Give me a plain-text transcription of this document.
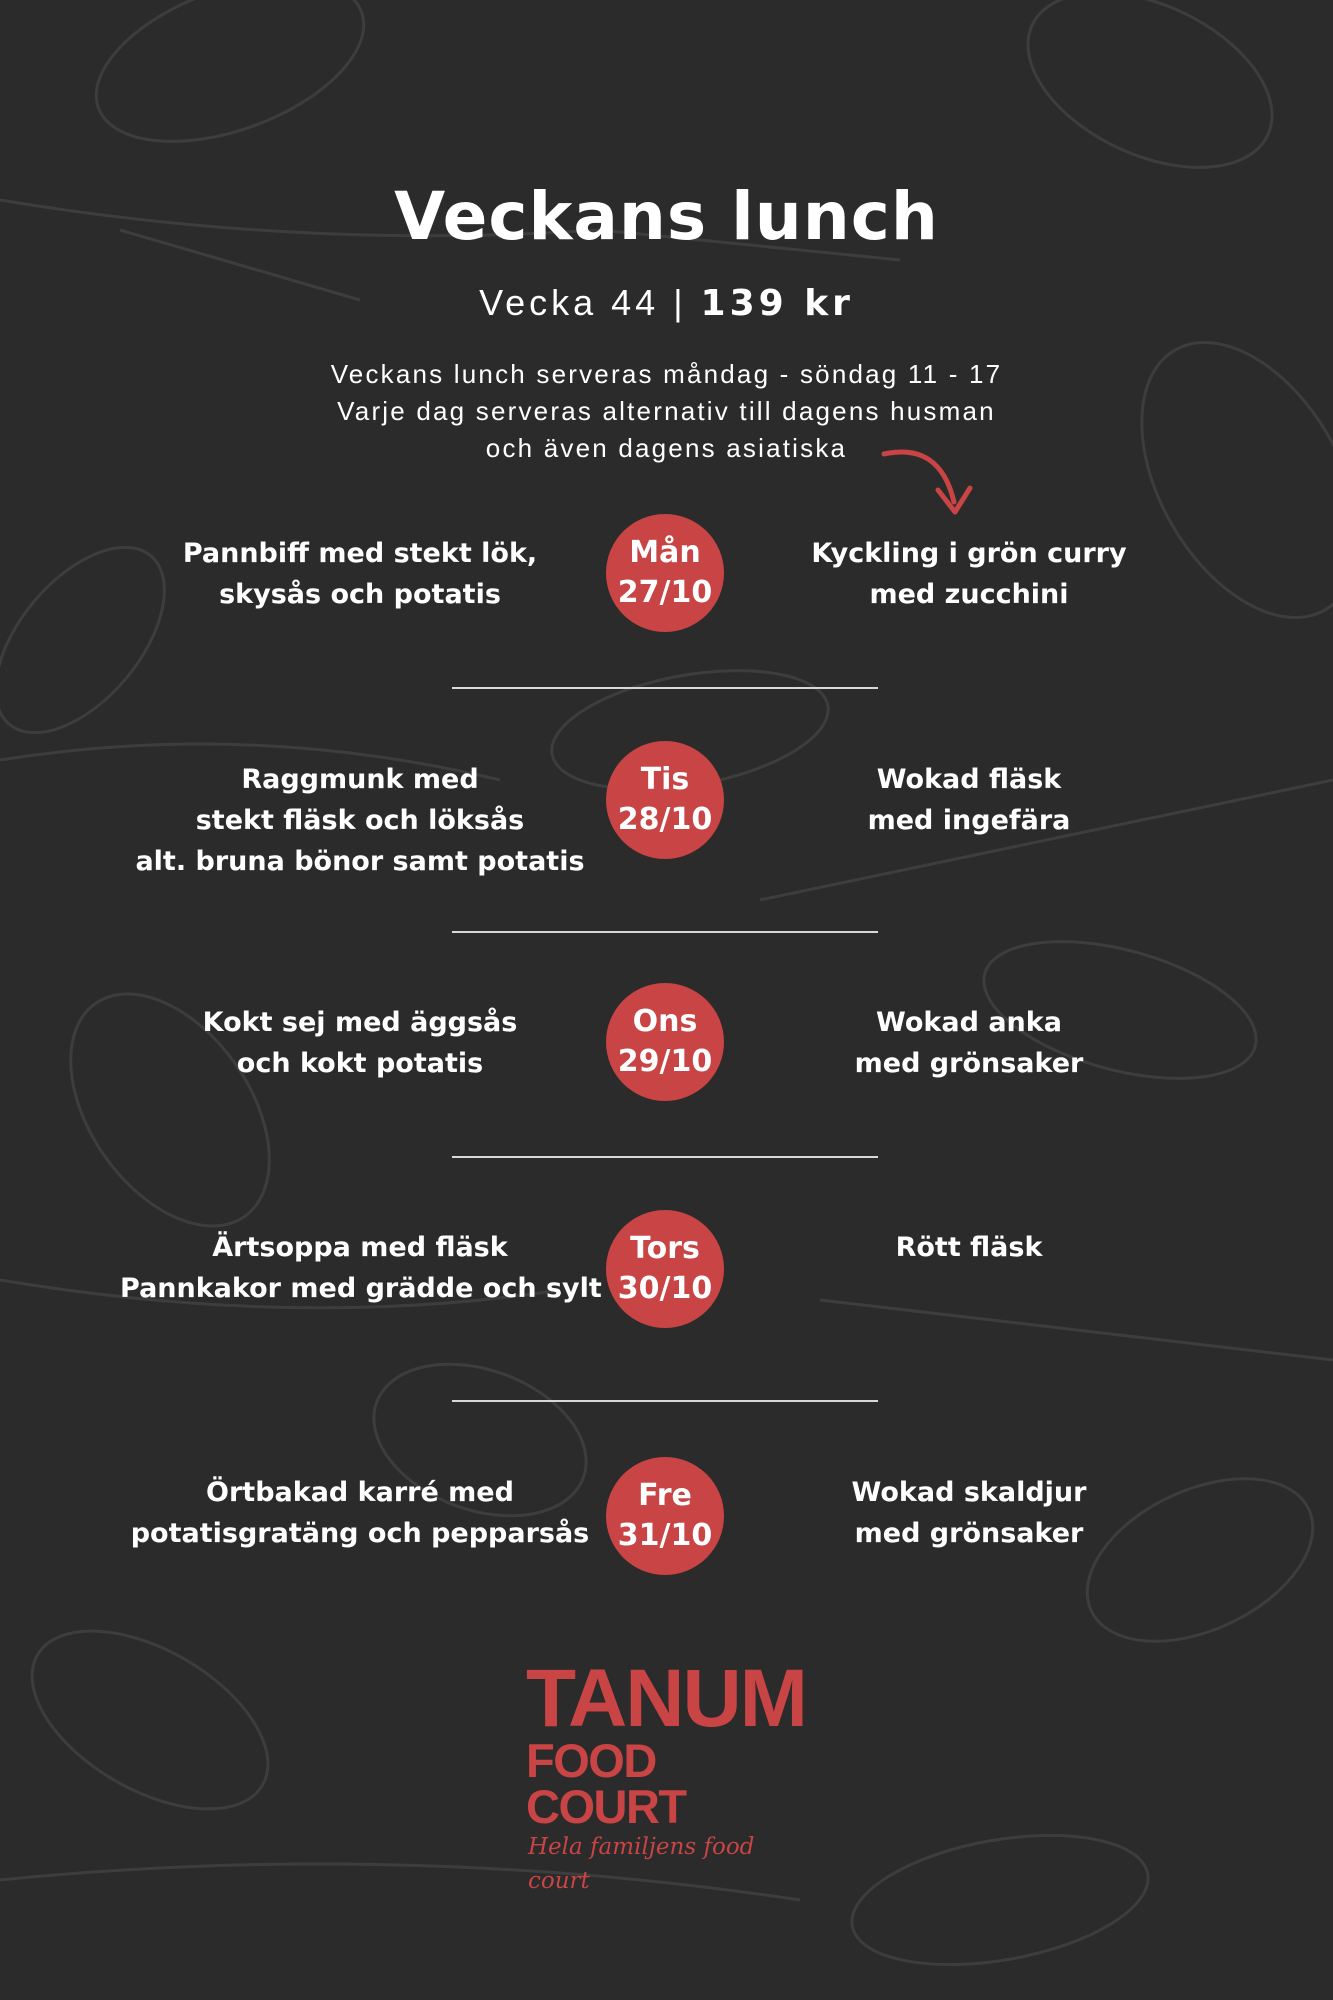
Veckans lunch
Vecka 44 | 139 kr
Veckans lunch serveras måndag - söndag 11 - 17
Varje dag serveras alternativ till dagens husman
och även dagens asiatiska
Pannbiff med stekt lök,
skysås och potatis
Mån
27/10
Kyckling i grön curry
med zucchini
Raggmunk med
stekt fläsk och löksås
alt. bruna bönor samt potatis
Tis
28/10
Wokad fläsk
med ingefära
Kokt sej med äggsås
och kokt potatis
Ons
29/10
Wokad anka
med grönsaker
Ärtsoppa med fläsk
Pannkakor med grädde och sylt
Tors
30/10
Rött fläsk
Örtbakad karré med
potatisgratäng och pepparsås
Fre
31/10
Wokad skaldjur
med grönsaker
TANUM
FOOD COURT
Hela familjens food court
